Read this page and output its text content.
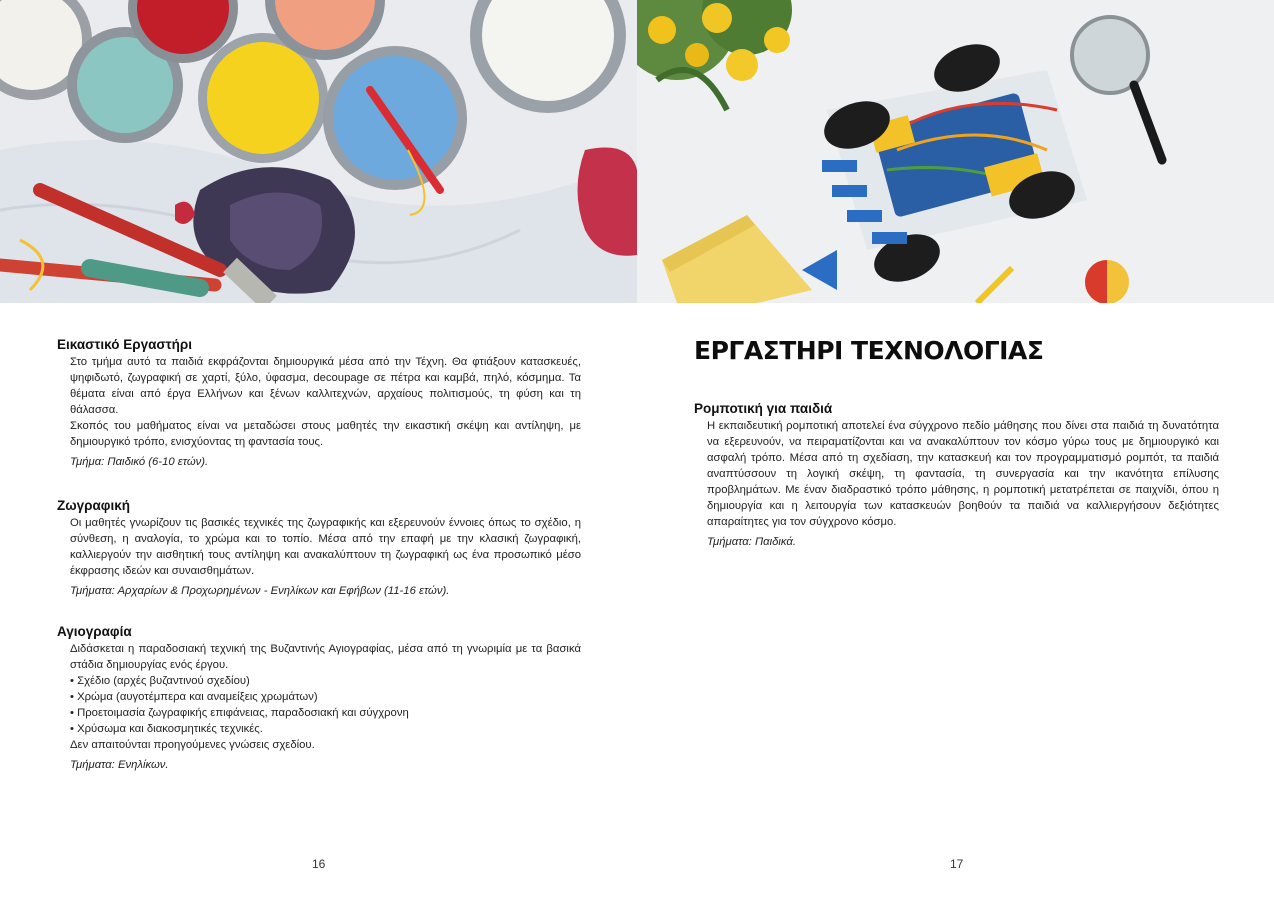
Εικαστικό Εργαστήρι

Στο τμήμα αυτό τα παιδιά εκφράζονται δημιουργικά μέσα από την Τέχνη. Θα φτιάξουν κατασκευές, ψηφιδωτό, ζωγραφική σε χαρτί, ξύλο, ύφασμα, decoupage σε πέτρα και καμβά, πηλό, κόσμημα. Τα θέματα είναι από έργα Ελλήνων και ξένων καλλιτεχνών, αρχαίους πολιτισμούς, τη φύση και τη θάλασσα.

Σκοπός του μαθήματος είναι να μεταδώσει στους μαθητές την εικαστική σκέψη και αντίληψη, με δημιουργικό τρόπο, ενισχύοντας τη φαντασία τους.

Τμήμα: Παιδικό (6-10 ετών).

Ζωγραφική

Οι μαθητές γνωρίζουν τις βασικές τεχνικές της ζωγραφικής και εξερευνούν έννοιες όπως το σχέδιο, η σύνθεση, η αναλογία, το χρώμα και το τοπίο. Μέσα από την επαφή με την κλασική ζωγραφική, καλλιεργούν την αισθητική τους αντίληψη και ανακαλύπτουν τη ζωγραφική ως ένα προσωπικό μέσο έκφρασης ιδεών και συναισθημάτων.

Τμήματα: Αρχαρίων & Προχωρημένων - Ενηλίκων και Εφήβων (11-16 ετών).

Αγιογραφία

Διδάσκεται η παραδοσιακή τεχνική της Βυζαντινής Αγιογραφίας, μέσα από τη γνωριμία με τα βασικά στάδια δημιουργίας ενός έργου.

• Σχέδιο (αρχές βυζαντινού σχεδίου)

• Χρώμα (αυγοτέμπερα και αναμείξεις χρωμάτων)

• Προετοιμασία ζωγραφικής επιφάνειας, παραδοσιακή και σύγχρονη

• Χρύσωμα και διακοσμητικές τεχνικές.

Δεν απαιτούνται προηγούμενες γνώσεις σχεδίου.

Τμήματα: Ενηλίκων.

ΕΡΓΑΣΤΗΡΙ ΤΕΧΝΟΛΟΓΙΑΣ
Ρομποτική για παιδιά

Η εκπαιδευτική ρομποτική αποτελεί ένα σύγχρονο πεδίο μάθησης που δίνει στα παιδιά τη δυνατότητα να εξερευνούν, να πειραματίζονται και να ανακαλύπτουν τον κόσμο γύρω τους με δημιουργικό και ασφαλή τρόπο. Μέσα από τη σχεδίαση, την κατασκευή και τον προγραμματισμό ρομπότ, τα παιδιά αναπτύσσουν τη λογική σκέψη, τη φαντασία, τη συνεργασία και την ικανότητα επίλυσης προβλημάτων. Με έναν διαδραστικό τρόπο μάθησης, η ρομποτική μετατρέπεται σε παιχνίδι, όπου η δημιουργία και η λειτουργία των κατασκευών βοηθούν τα παιδιά να καλλιεργήσουν δεξιότητες απαραίτητες για τον σύγχρονο κόσμο.

Τμήματα: Παιδικά.

16	17
